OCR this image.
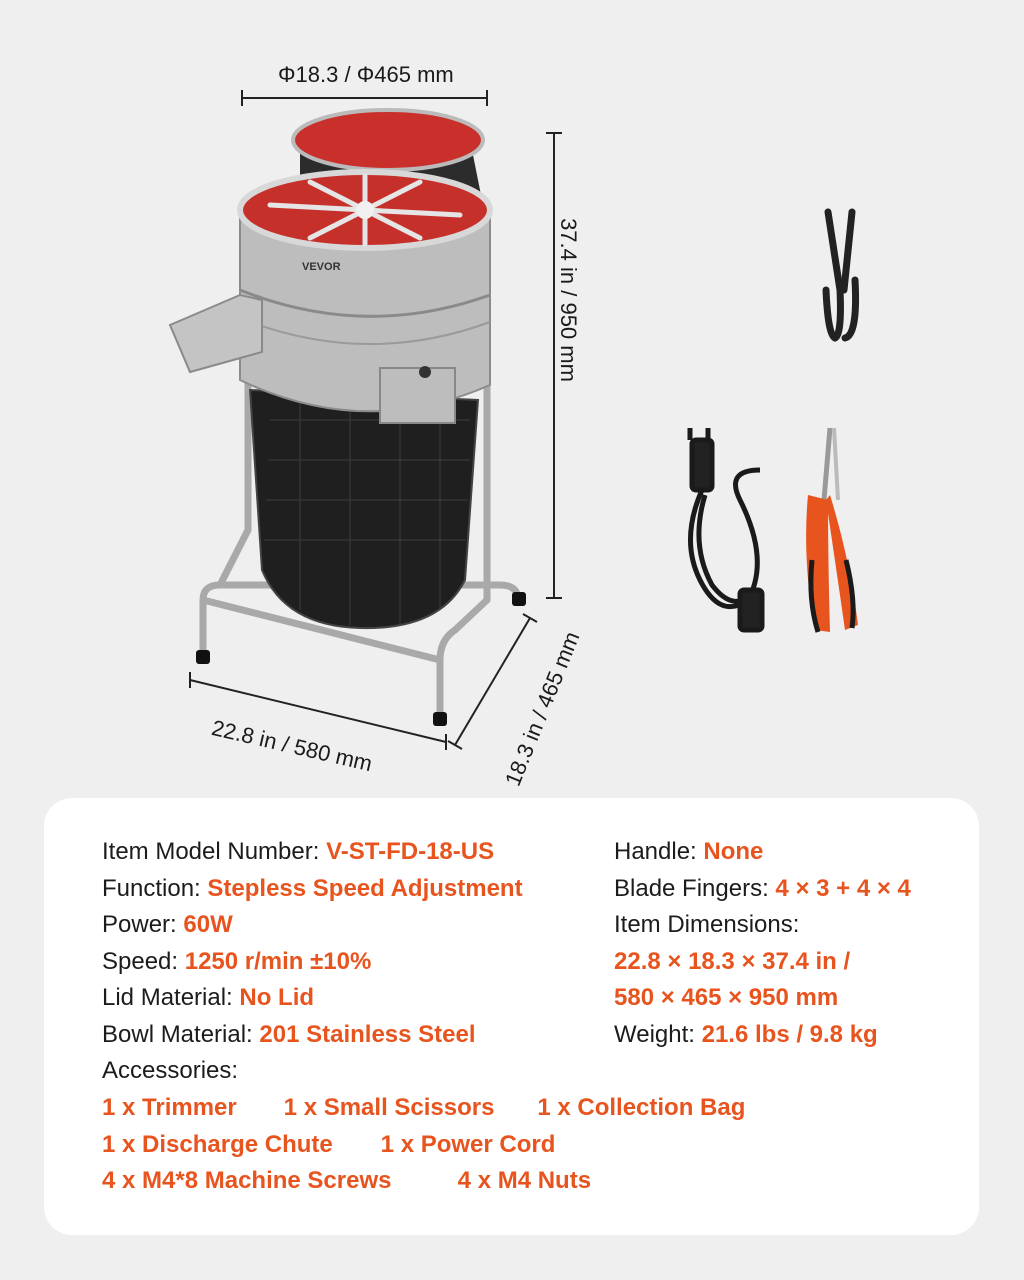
VEVOR
Φ18.3 / Φ465 mm
37.4 in / 950 mm
22.8 in / 580 mm	18.3 in / 465 mm
Item Model Number: V-ST-FD-18-US
Function: Stepless Speed Adjustment
Power: 60W
Speed: 1250 r/min ±10%
Lid Material: No Lid
Bowl Material: 201 Stainless Steel
Accessories:
Handle: None
Blade Fingers: 4 × 3 + 4 × 4
Item Dimensions:
22.8 × 18.3 × 37.4 in /
580 × 465 × 950 mm
Weight: 21.6 lbs / 9.8 kg
1 x Trimmer 1 x Small Scissors 1 x Collection Bag
1 x Discharge Chute 1 x Power Cord
4 x M4*8 Machine Screws	4 x M4 Nuts
